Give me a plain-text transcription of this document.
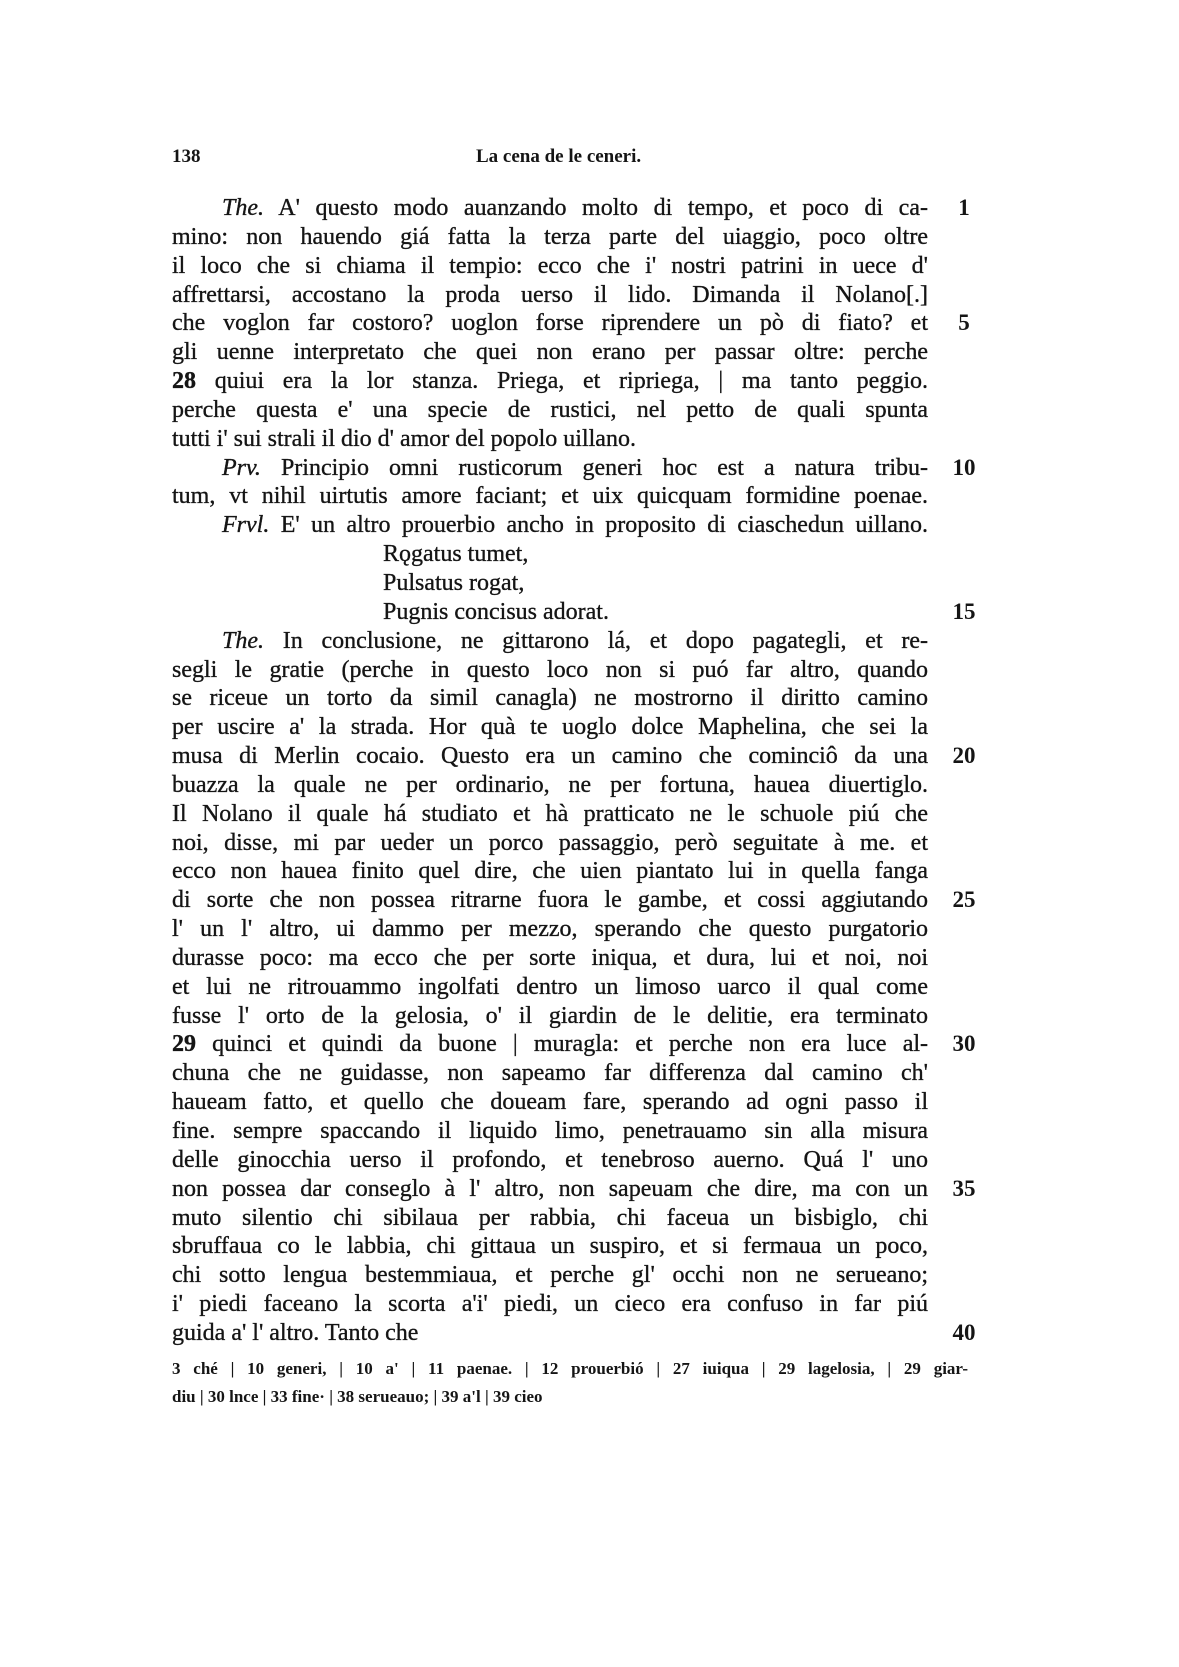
138	La cena de le ceneri.
The. A' questo modo auanzando molto di tempo, et poco di ca-	1
mino: non hauendo giá fatta la terza parte del uiaggio, poco oltre
il loco che si chiama il tempio: ecco che i' nostri patrini in uece d'
affrettarsi, accostano la proda uerso il lido. Dimanda il Nolano[.]
che voglon far costoro? uoglon forse riprendere un pò di fiato? et	5
gli uenne interpretato che quei non erano per passar oltre: perche
28 quiui era la lor stanza. Priega, et ripriega, | ma tanto peggio.
perche questa e' una specie de rustici, nel petto de quali spunta
tutti i' sui strali il dio d' amor del popolo uillano.
Prv. Principio omni rusticorum generi hoc est a natura tribu-	10
tum, vt nihil uirtutis amore faciant; et uix quicquam formidine poenae.
Frvl. E' un altro prouerbio ancho in proposito di ciaschedun uillano.
Rǫgatus tumet,
Pulsatus rogat,
Pugnis concisus adorat.	15
The. In conclusione, ne gittarono lá, et dopo pagategli, et re-
segli le gratie (perche in questo loco non si puó far altro, quando
se riceue un torto da simil canagla) ne mostrorno il diritto camino
per uscire a' la strada. Hor quà te uoglo dolce Maphelina, che sei la
musa di Merlin cocaio. Questo era un camino che cominciô da una	20
buazza la quale ne per ordinario, ne per fortuna, hauea diuertiglo.
Il Nolano il quale há studiato et hà pratticato ne le schuole piú che
noi, disse, mi par ueder un porco passaggio, però seguitate à me. et
ecco non hauea finito quel dire, che uien piantato lui in quella fanga
di sorte che non possea ritrarne fuora le gambe, et cossi aggiutando	25
l' un l' altro, ui dammo per mezzo, sperando che questo purgatorio
durasse poco: ma ecco che per sorte iniqua, et dura, lui et noi, noi
et lui ne ritrouammo ingolfati dentro un limoso uarco il qual come
fusse l' orto de la gelosia, o' il giardin de le delitie, era terminato
29 quinci et quindi da buone | muragla: et perche non era luce al-	30
chuna che ne guidasse, non sapeamo far differenza dal camino ch'
haueam fatto, et quello che doueam fare, sperando ad ogni passo il
fine. sempre spaccando il liquido limo, penetrauamo sin alla misura
delle ginocchia uerso il profondo, et tenebroso auerno. Quá l' uno
non possea dar conseglo à l' altro, non sapeuam che dire, ma con un	35
muto silentio chi sibilaua per rabbia, chi faceua un bisbiglo, chi
sbruffaua co le labbia, chi gittaua un suspiro, et si fermaua un poco,
chi sotto lengua bestemmiaua, et perche gl' occhi non ne serueano;
i' piedi faceano la scorta a'i' piedi, un cieco era confuso in far piú
guida a' l' altro. Tanto che	40
3 ché | 10 generi, | 10 a' | 11 paenae. | 12 prouerbió | 27 iuiqua | 29 lagelosia, | 29 giar-
diu | 30 lnce | 33 fine· | 38 serueauo; | 39 a'l | 39 cieo
